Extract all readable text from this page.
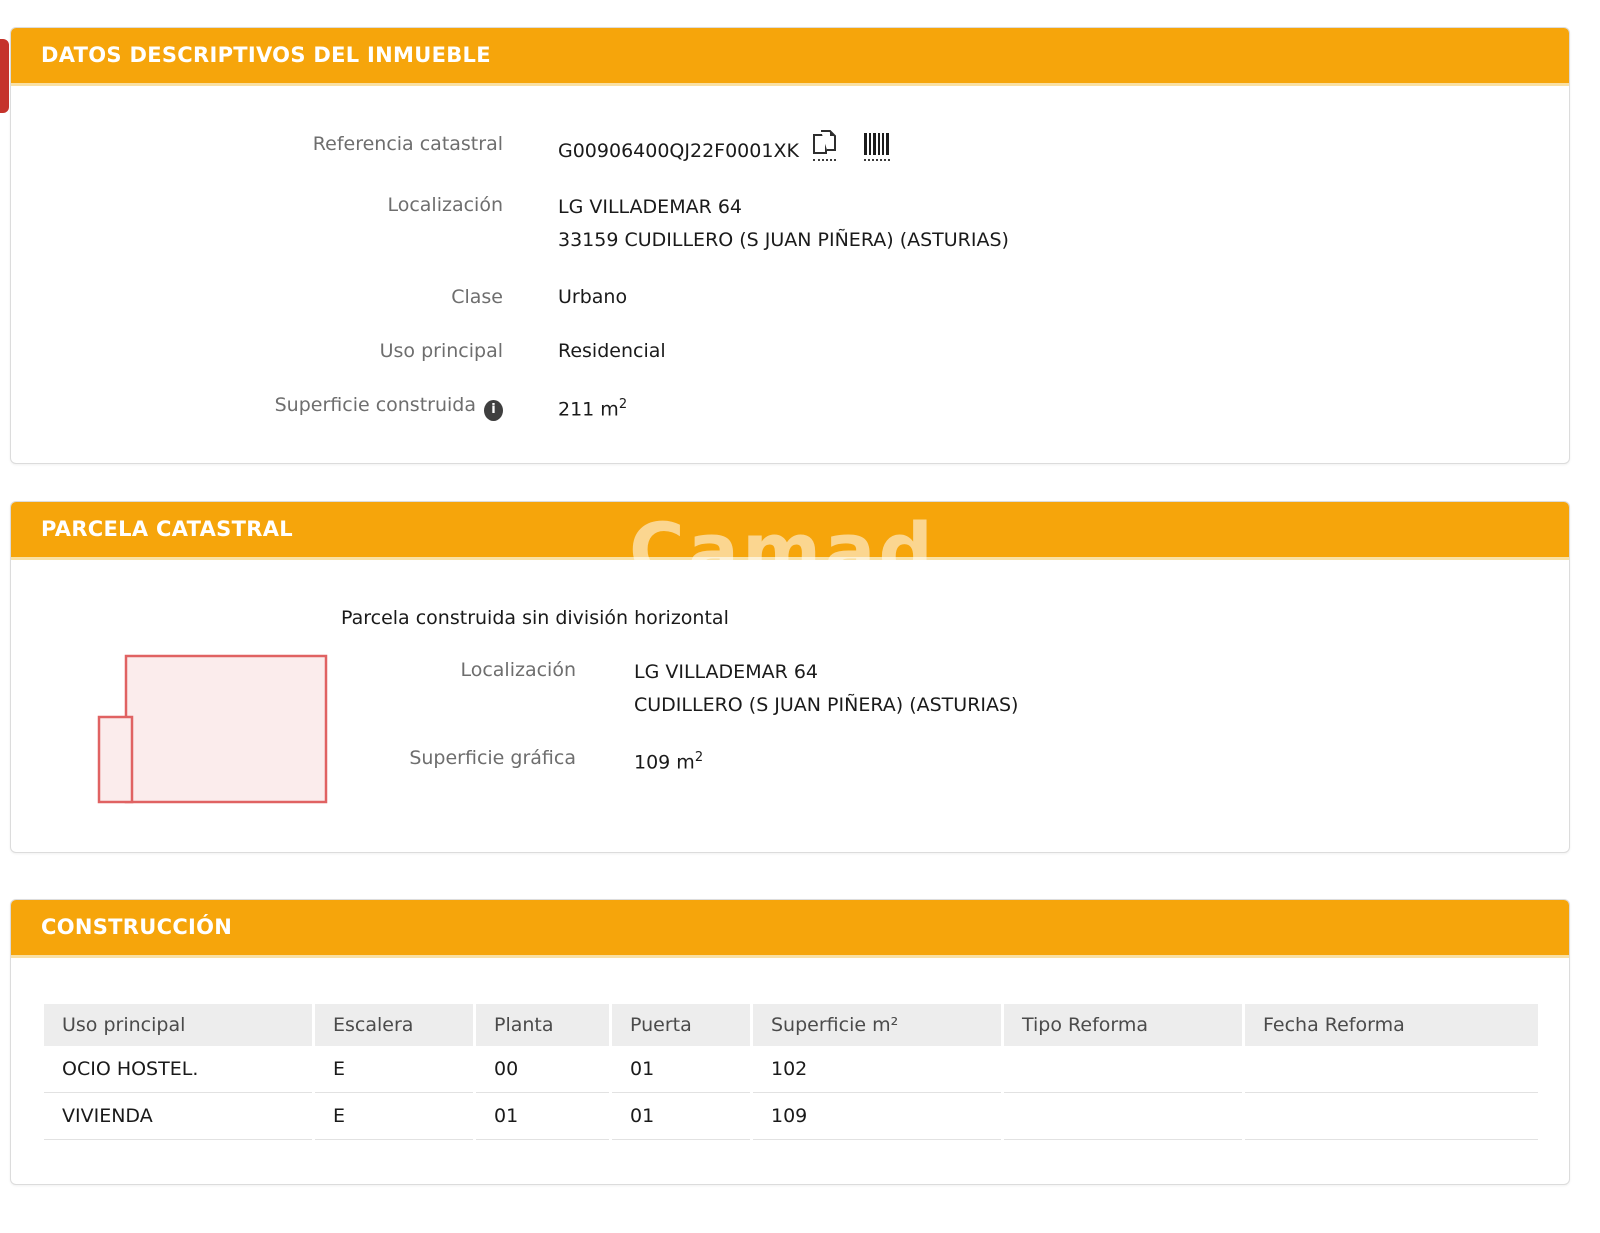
DATOS DESCRIPTIVOS DEL INMUEBLE
Referencia catastral	G00906400QJ22F0001XK
Localización	LG VILLADEMAR 64
33159 CUDILLERO (S JUAN PIÑERA) (ASTURIAS)
Clase	Urbano
Uso principal	Residencial
Superficie construida i	211 $m^2$
PARCELA CATASTRAL	Camad
Parcela construida sin división horizontal
Localización	LG VILLADEMAR 64
CUDILLERO (S JUAN PIÑERA) (ASTURIAS)
Superficie gráfica	109 $m^2$
CONSTRUCCIÓN
Uso principal	Escalera	Planta	Puerta	Superficie m²	Tipo Reforma	Fecha Reforma
OCIO HOSTEL.	E	00	01	102		
VIVIENDA	E	01	01	109		
